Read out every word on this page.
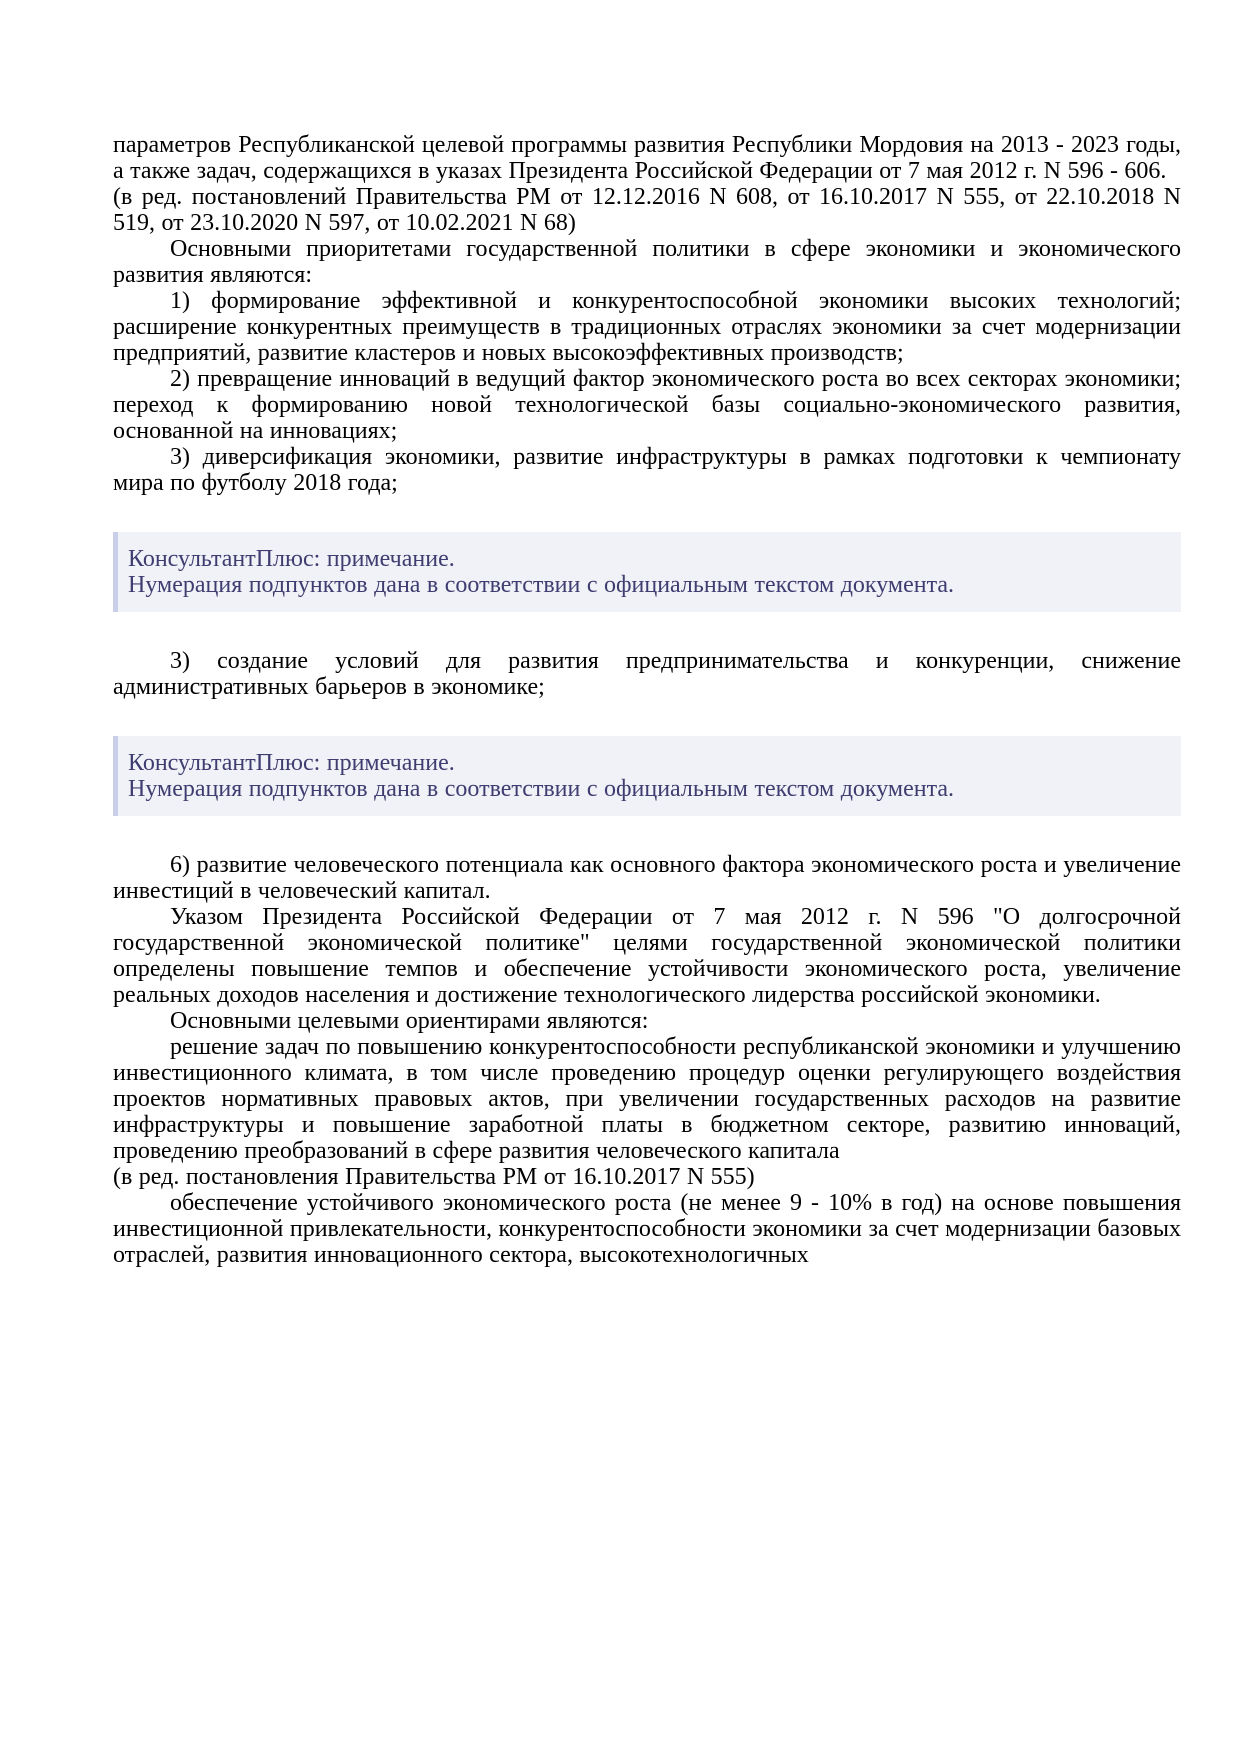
параметров Республиканской целевой программы развития Республики Мордовия на 2013 - 2023 годы, а также задач, содержащихся в указах Президента Российской Федерации от 7 мая 2012 г. N 596 - 606.

(в ред. постановлений Правительства РМ от 12.12.2016 N 608, от 16.10.2017 N 555, от 22.10.2018 N 519, от 23.10.2020 N 597, от 10.02.2021 N 68)

Основными приоритетами государственной политики в сфере экономики и экономического развития являются:

1) формирование эффективной и конкурентоспособной экономики высоких технологий; расширение конкурентных преимуществ в традиционных отраслях экономики за счет модернизации предприятий, развитие кластеров и новых высокоэффективных производств;

2) превращение инноваций в ведущий фактор экономического роста во всех секторах экономики; переход к формированию новой технологической базы социально-экономического развития, основанной на инновациях;

3) диверсификация экономики, развитие инфраструктуры в рамках подготовки к чемпионату мира по футболу 2018 года;

КонсультантПлюс: примечание.

Нумерация подпунктов дана в соответствии с официальным текстом документа.

3) создание условий для развития предпринимательства и конкуренции, снижение административных барьеров в экономике;

КонсультантПлюс: примечание.

Нумерация подпунктов дана в соответствии с официальным текстом документа.

6) развитие человеческого потенциала как основного фактора экономического роста и увеличение инвестиций в человеческий капитал.

Указом Президента Российской Федерации от 7 мая 2012 г. N 596 "О долгосрочной государственной экономической политике" целями государственной экономической политики определены повышение темпов и обеспечение устойчивости экономического роста, увеличение реальных доходов населения и достижение технологического лидерства российской экономики.

Основными целевыми ориентирами являются:

решение задач по повышению конкурентоспособности республиканской экономики и улучшению инвестиционного климата, в том числе проведению процедур оценки регулирующего воздействия проектов нормативных правовых актов, при увеличении государственных расходов на развитие инфраструктуры и повышение заработной платы в бюджетном секторе, развитию инноваций, проведению преобразований в сфере развития человеческого капитала

(в ред. постановления Правительства РМ от 16.10.2017 N 555)

обеспечение устойчивого экономического роста (не менее 9 - 10% в год) на основе повышения инвестиционной привлекательности, конкурентоспособности экономики за счет модернизации базовых отраслей, развития инновационного сектора, высокотехнологичных
